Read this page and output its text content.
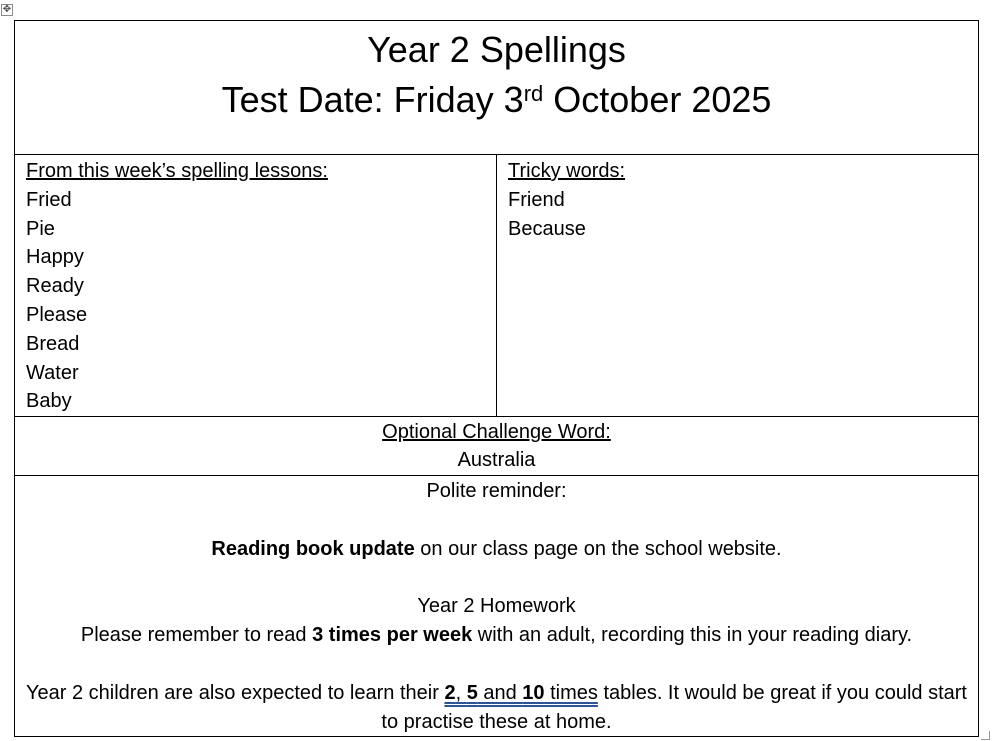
✥
Year 2 Spellings
Test Date: Friday 3rd October 2025

From this week’s spelling lessons:
Fried
Pie
Happy
Ready
Please
Bread
Water
Baby

Tricky words:
Friend
Because

Optional Challenge Word:
Australia

Polite reminder:
Reading book update on our class page on the school website.
Year 2 Homework
Please remember to read 3 times per week with an adult, recording this in your reading diary.
Year 2 children are also expected to learn their 2, 5 and 10 times tables. It would be great if you could start to practise these at home.
